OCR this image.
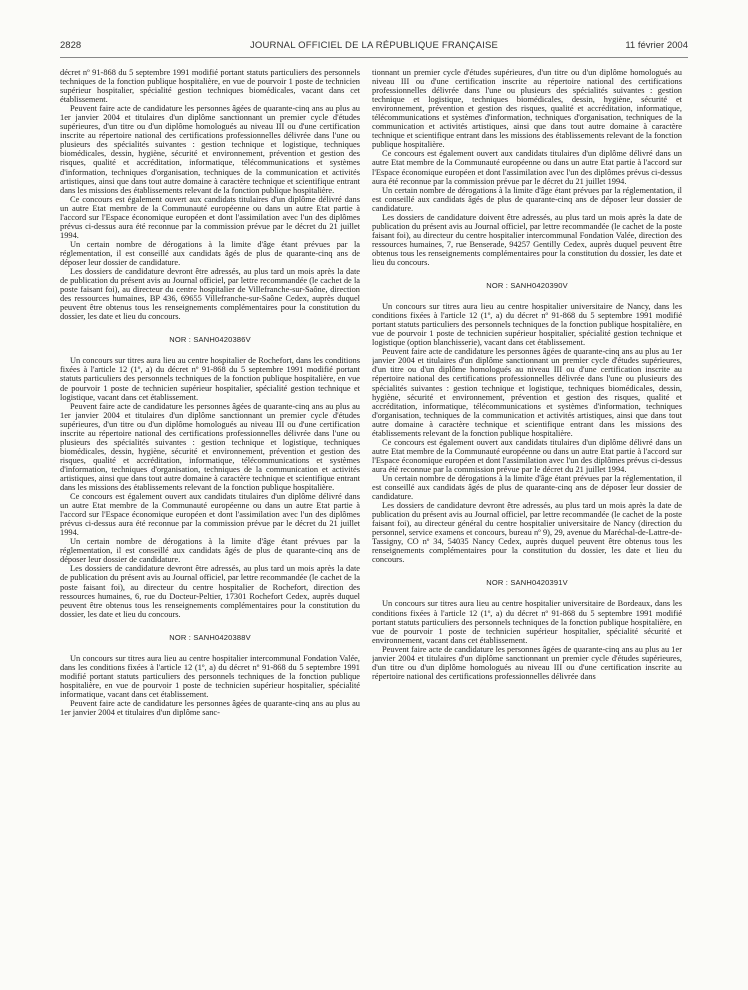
2828	JOURNAL OFFICIEL DE LA RÉPUBLIQUE FRANÇAISE	11 février 2004

décret nº 91-868 du 5 septembre 1991 modifié portant statuts particuliers des personnels techniques de la fonction publique hospitalière, en vue de pourvoir 1 poste de technicien supérieur hospitalier, spécialité gestion techniques biomédicales, vacant dans cet établissement.

Peuvent faire acte de candidature les personnes âgées de quarante-cinq ans au plus au 1er janvier 2004 et titulaires d'un diplôme sanctionnant un premier cycle d'études supérieures, d'un titre ou d'un diplôme homologués au niveau III ou d'une certification inscrite au répertoire national des certifications professionnelles délivrée dans l'une ou plusieurs des spécialités suivantes : gestion technique et logistique, techniques biomédicales, dessin, hygiène, sécurité et environnement, prévention et gestion des risques, qualité et accréditation, informatique, télécommunications et systèmes d'information, techniques d'organisation, techniques de la communication et activités artistiques, ainsi que dans tout autre domaine à caractère technique et scientifique entrant dans les missions des établissements relevant de la fonction publique hospitalière.

Ce concours est également ouvert aux candidats titulaires d'un diplôme délivré dans un autre Etat membre de la Communauté européenne ou dans un autre Etat partie à l'accord sur l'Espace économique européen et dont l'assimilation avec l'un des diplômes prévus ci-dessus aura été reconnue par la commission prévue par le décret du 21 juillet 1994.

Un certain nombre de dérogations à la limite d'âge étant prévues par la réglementation, il est conseillé aux candidats âgés de plus de quarante-cinq ans de déposer leur dossier de candidature.

Les dossiers de candidature devront être adressés, au plus tard un mois après la date de publication du présent avis au Journal officiel, par lettre recommandée (le cachet de la poste faisant foi), au directeur du centre hospitalier de Villefranche-sur-Saône, direction des ressources humaines, BP 436, 69655 Villefranche-sur-Saône Cedex, auprès duquel peuvent être obtenus tous les renseignements complémentaires pour la constitution du dossier, les date et lieu du concours.

NOR : SANH0420386V

Un concours sur titres aura lieu au centre hospitalier de Rochefort, dans les conditions fixées à l'article 12 (1º, a) du décret nº 91-868 du 5 septembre 1991 modifié portant statuts particuliers des personnels techniques de la fonction publique hospitalière, en vue de pourvoir 1 poste de technicien supérieur hospitalier, spécialité gestion technique et logistique, vacant dans cet établissement.

Peuvent faire acte de candidature les personnes âgées de quarante-cinq ans au plus au 1er janvier 2004 et titulaires d'un diplôme sanctionnant un premier cycle d'études supérieures, d'un titre ou d'un diplôme homologués au niveau III ou d'une certification inscrite au répertoire national des certifications professionnelles délivrée dans l'une ou plusieurs des spécialités suivantes : gestion technique et logistique, techniques biomédicales, dessin, hygiène, sécurité et environnement, prévention et gestion des risques, qualité et accréditation, informatique, télécommunications et systèmes d'information, techniques d'organisation, techniques de la communication et activités artistiques, ainsi que dans tout autre domaine à caractère technique et scientifique entrant dans les missions des établissements relevant de la fonction publique hospitalière.

Ce concours est également ouvert aux candidats titulaires d'un diplôme délivré dans un autre Etat membre de la Communauté européenne ou dans un autre Etat partie à l'accord sur l'Espace économique européen et dont l'assimilation avec l'un des diplômes prévus ci-dessus aura été reconnue par la commission prévue par le décret du 21 juillet 1994.

Un certain nombre de dérogations à la limite d'âge étant prévues par la réglementation, il est conseillé aux candidats âgés de plus de quarante-cinq ans de déposer leur dossier de candidature.

Les dossiers de candidature devront être adressés, au plus tard un mois après la date de publication du présent avis au Journal officiel, par lettre recommandée (le cachet de la poste faisant foi), au directeur du centre hospitalier de Rochefort, direction des ressources humaines, 6, rue du Docteur-Peltier, 17301 Rochefort Cedex, auprès duquel peuvent être obtenus tous les renseignements complémentaires pour la constitution du dossier, les date et lieu du concours.

NOR : SANH0420388V

Un concours sur titres aura lieu au centre hospitalier intercommunal Fondation Valée, dans les conditions fixées à l'article 12 (1º, a) du décret nº 91-868 du 5 septembre 1991 modifié portant statuts particuliers des personnels techniques de la fonction publique hospitalière, en vue de pourvoir 1 poste de technicien supérieur hospitalier, spécialité informatique, vacant dans cet établissement.

Peuvent faire acte de candidature les personnes âgées de quarante-cinq ans au plus au 1er janvier 2004 et titulaires d'un diplôme sanc-

tionnant un premier cycle d'études supérieures, d'un titre ou d'un diplôme homologués au niveau III ou d'une certification inscrite au répertoire national des certifications professionnelles délivrée dans l'une ou plusieurs des spécialités suivantes : gestion technique et logistique, techniques biomédicales, dessin, hygiène, sécurité et environnement, prévention et gestion des risques, qualité et accréditation, informatique, télécommunications et systèmes d'information, techniques d'organisation, techniques de la communication et activités artistiques, ainsi que dans tout autre domaine à caractère technique et scientifique entrant dans les missions des établissements relevant de la fonction publique hospitalière.

Ce concours est également ouvert aux candidats titulaires d'un diplôme délivré dans un autre Etat membre de la Communauté européenne ou dans un autre Etat partie à l'accord sur l'Espace économique européen et dont l'assimilation avec l'un des diplômes prévus ci-dessus aura été reconnue par la commission prévue par le décret du 21 juillet 1994.

Un certain nombre de dérogations à la limite d'âge étant prévues par la réglementation, il est conseillé aux candidats âgés de plus de quarante-cinq ans de déposer leur dossier de candidature.

Les dossiers de candidature doivent être adressés, au plus tard un mois après la date de publication du présent avis au Journal officiel, par lettre recommandée (le cachet de la poste faisant foi), au directeur du centre hospitalier intercommunal Fondation Valée, direction des ressources humaines, 7, rue Benserade, 94257 Gentilly Cedex, auprès duquel peuvent être obtenus tous les renseignements complémentaires pour la constitution du dossier, les date et lieu du concours.

NOR : SANH0420390V

Un concours sur titres aura lieu au centre hospitalier universitaire de Nancy, dans les conditions fixées à l'article 12 (1º, a) du décret nº 91-868 du 5 septembre 1991 modifié portant statuts particuliers des personnels techniques de la fonction publique hospitalière, en vue de pourvoir 1 poste de technicien supérieur hospitalier, spécialité gestion technique et logistique (option blanchisserie), vacant dans cet établissement.

Peuvent faire acte de candidature les personnes âgées de quarante-cinq ans au plus au 1er janvier 2004 et titulaires d'un diplôme sanctionnant un premier cycle d'études supérieures, d'un titre ou d'un diplôme homologués au niveau III ou d'une certification inscrite au répertoire national des certifications professionnelles délivrée dans l'une ou plusieurs des spécialités suivantes : gestion technique et logistique, techniques biomédicales, dessin, hygiène, sécurité et environnement, prévention et gestion des risques, qualité et accréditation, informatique, télécommunications et systèmes d'information, techniques d'organisation, techniques de la communication et activités artistiques, ainsi que dans tout autre domaine à caractère technique et scientifique entrant dans les missions des établissements relevant de la fonction publique hospitalière.

Ce concours est également ouvert aux candidats titulaires d'un diplôme délivré dans un autre Etat membre de la Communauté européenne ou dans un autre Etat partie à l'accord sur l'Espace économique européen et dont l'assimilation avec l'un des diplômes prévus ci-dessus aura été reconnue par la commission prévue par le décret du 21 juillet 1994.

Un certain nombre de dérogations à la limite d'âge étant prévues par la réglementation, il est conseillé aux candidats âgés de plus de quarante-cinq ans de déposer leur dossier de candidature.

Les dossiers de candidature devront être adressés, au plus tard un mois après la date de publication du présent avis au Journal officiel, par lettre recommandée (le cachet de la poste faisant foi), au directeur général du centre hospitalier universitaire de Nancy (direction du personnel, service examens et concours, bureau nº 9), 29, avenue du Maréchal-de-Lattre-de-Tassigny, CO nº 34, 54035 Nancy Cedex, auprès duquel peuvent être obtenus tous les renseignements complémentaires pour la constitution du dossier, les date et lieu du concours.

NOR : SANH0420391V

Un concours sur titres aura lieu au centre hospitalier universitaire de Bordeaux, dans les conditions fixées à l'article 12 (1º, a) du décret nº 91-868 du 5 septembre 1991 modifié portant statuts particuliers des personnels techniques de la fonction publique hospitalière, en vue de pourvoir 1 poste de technicien supérieur hospitalier, spécialité sécurité et environnement, vacant dans cet établissement.

Peuvent faire acte de candidature les personnes âgées de quarante-cinq ans au plus au 1er janvier 2004 et titulaires d'un diplôme sanctionnant un premier cycle d'études supérieures, d'un titre ou d'un diplôme homologués au niveau III ou d'une certification inscrite au répertoire national des certifications professionnelles délivrée dans
